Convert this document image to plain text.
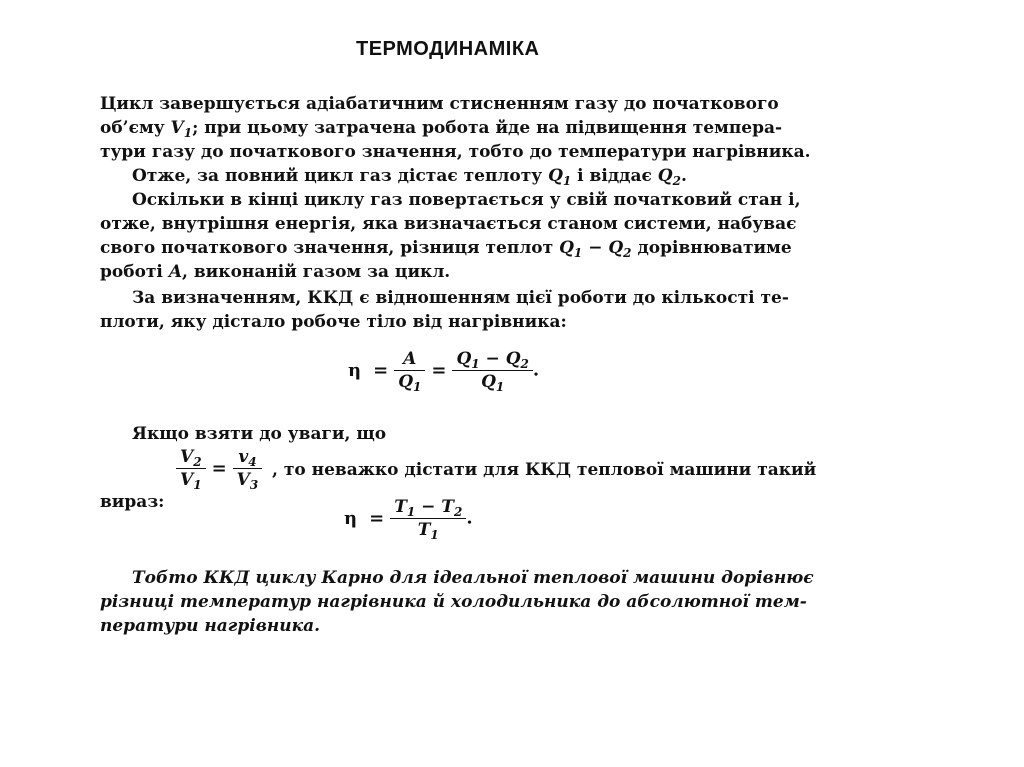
ТЕРМОДИНАМІКА
Цикл завершується адіабатичним стисненням газу до початкового
об’єму $V_1$; при цьому затрачена робота йде на підвищення темпера-
тури газу до початкового значення, тобто до температури нагрівника.
Отже, за повний цикл газ дістає теплоту $Q_1$ і віддає $Q_2$.
Оскільки в кінці циклу газ повертається у свій початковий стан і,
отже, внутрішня енергія, яка визначається станом системи, набуває
свого початкового значення, різниця теплот $Q_1 - Q_2$ дорівнюватиме
роботі A, виконаній газом за цикл.
За визначенням, ККД є відношенням цієї роботи до кількості те-
плоти, яку дістало робоче тіло від нагрівника:
$\eta = \frac{A}{Q_1} = \frac{Q_1 - Q_2}{Q_1}$ .
Якщо взяти до уваги, що
$\frac{V_2}{V_1} = \frac{v_4}{V_3}$ , то неважко дістати для ККД теплової машини такий
вираз:
$\eta = \frac{T_1 - T_2}{T_1}$ .
Тобто ККД циклу Карно для ідеальної теплової машини дорівнює
різниці температур нагрівника й холодильника до абсолютної тем-
ператури нагрівника.
